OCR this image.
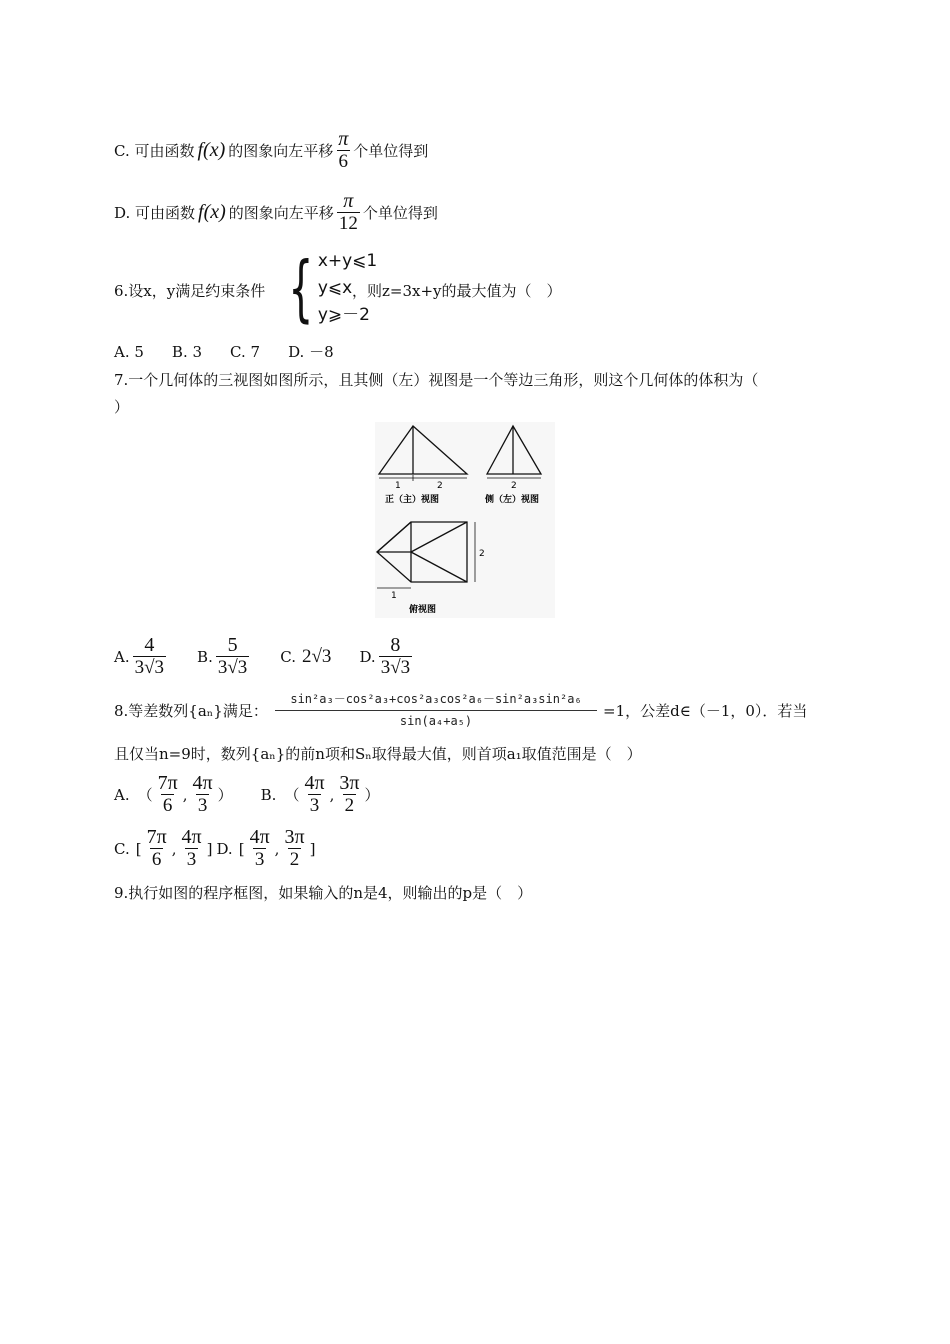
C. 可由函数 f(x) 的图象向左平移 $\frac{\pi}{6}$ 个单位得到
D. 可由函数 f(x) 的图象向左平移 $\frac{\pi}{12}$ 个单位得到
6.设x，y满足约束条件 { x+y⩽1
y⩽x
y⩾－2
，则z=3x+y的最大值为（　）
A. 5 B. 3 C. 7 D. －8
7.一个几何体的三视图如图所示，且其侧（左）视图是一个等边三角形，则这个几何体的体积为（
）
1	2
正（主）视图
2
侧（左）视图
2
1
俯视图
A. $\frac{4}{3√3} B$. $\frac{5}{3√3} C$. 2√3 D. $\frac{8}{3√3}$
8.等差数列{aₙ}满足：
sin²a₃－cos²a₃+cos²a₃cos²a₆－sin²a₃sin²a₆
sin(a₄+a₅)
=1，公差d∈（－1，0）．若当
且仅当n=9时，数列{aₙ}的前n项和Sₙ取得最大值，则首项a₁取值范围是（　）
A. （ $\frac{7\pi}{6}$ , $\frac{4\pi}{3}$ ） B. （ $\frac{4\pi}{3}$ , $\frac{3\pi}{2}$ ）
C. [ $\frac{7\pi}{6}$ , $\frac{4\pi}{3}$ ] D. [ $\frac{4\pi}{3}$ , $\frac{3\pi}{2}$ ]
9.执行如图的程序框图，如果输入的n是4，则输出的p是（　）
